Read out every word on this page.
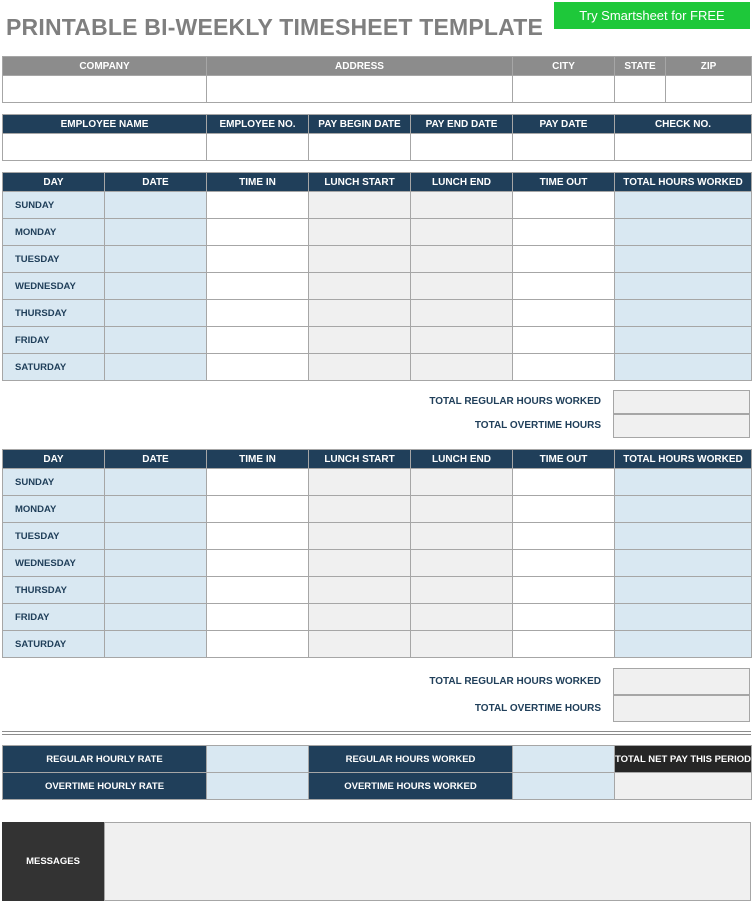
PRINTABLE BI-WEEKLY TIMESHEET TEMPLATE	Try Smartsheet for FREE
COMPANY	ADDRESS	CITY	STATE	ZIP

EMPLOYEE NAME	EMPLOYEE NO.	PAY BEGIN DATE	PAY END DATE	PAY DATE	CHECK NO.

DAY	DATE	TIME IN	LUNCH START	LUNCH END	TIME OUT	TOTAL HOURS WORKED
SUNDAY						
MONDAY						
TUESDAY						
WEDNESDAY						
THURSDAY						
FRIDAY						
SATURDAY						
TOTAL REGULAR HOURS WORKED
TOTAL OVERTIME HOURS
DAY	DATE	TIME IN	LUNCH START	LUNCH END	TIME OUT	TOTAL HOURS WORKED
SUNDAY						
MONDAY						
TUESDAY						
WEDNESDAY						
THURSDAY						
FRIDAY						
SATURDAY						
TOTAL REGULAR HOURS WORKED
TOTAL OVERTIME HOURS
REGULAR HOURLY RATE		REGULAR HOURS WORKED		TOTAL NET PAY THIS PERIOD
OVERTIME HOURLY RATE		OVERTIME HOURS WORKED		
MESSAGES
